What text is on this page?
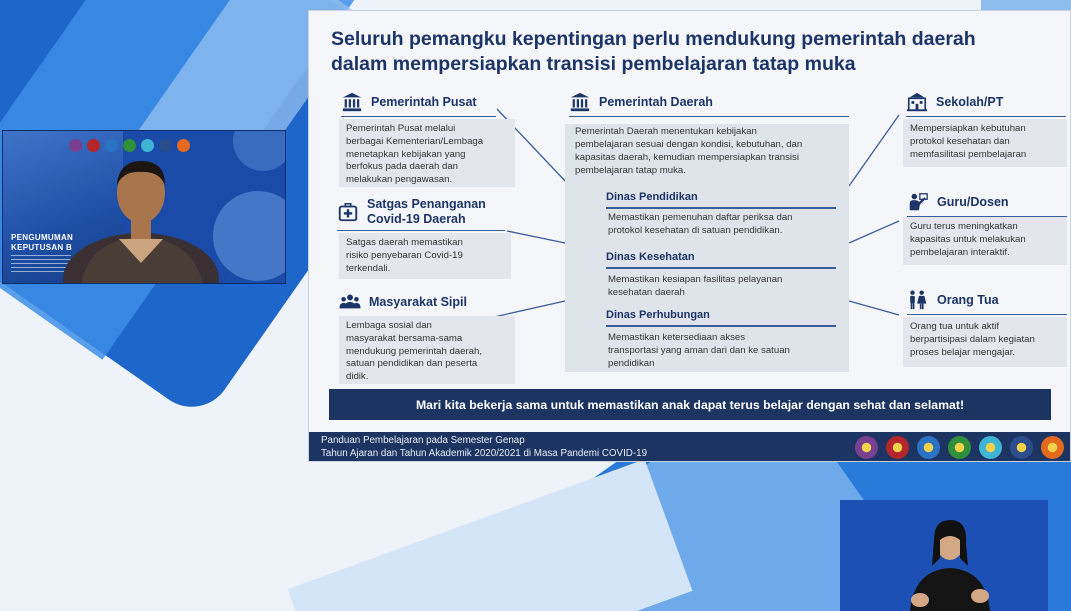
Seluruh pemangku kepentingan perlu mendukung pemerintah daerah
dalam mempersiapkan transisi pembelajaran tatap muka
Pemerintah Pusat
Pemerintah Pusat melalui
berbagai Kementerian/Lembaga
menetapkan kebijakan yang
berfokus pada daerah dan
melakukan pengawasan.
Satgas Penanganan
Covid-19 Daerah
Satgas daerah memastikan
risiko penyebaran Covid-19
terkendali.
Masyarakat Sipil
Lembaga sosial dan
masyarakat bersama-sama
mendukung pemerintah daerah,
satuan pendidikan dan peserta
didik.
Pemerintah Daerah
Pemerintah Daerah menentukan kebijakan
pembelajaran sesuai dengan kondisi, kebutuhan, dan
kapasitas daerah, kemudian mempersiapkan transisi
pembelajaran tatap muka.
Dinas Pendidikan
Memastikan pemenuhan daftar periksa dan
protokol kesehatan di satuan pendidikan.
Dinas Kesehatan
Memastikan kesiapan fasilitas pelayanan
kesehatan daerah
Dinas Perhubungan
Memastikan ketersediaan akses
transportasi yang aman dari dan ke satuan
pendidikan
Sekolah/PT
Mempersiapkan kebutuhan
protokol kesehatan dan
memfasilitasi pembelajaran
Guru/Dosen
Guru terus meningkatkan
kapasitas untuk melakukan
pembelajaran interaktif.
Orang Tua
Orang tua untuk aktif
berpartisipasi dalam kegiatan
proses belajar mengajar.
Mari kita bekerja sama untuk memastikan anak dapat terus belajar dengan sehat dan selamat!
Panduan Pembelajaran pada Semester Genap
Tahun Ajaran dan Tahun Akademik 2020/2021 di Masa Pandemi COVID-19
PENGUMUMAN
KEPUTUSAN B
